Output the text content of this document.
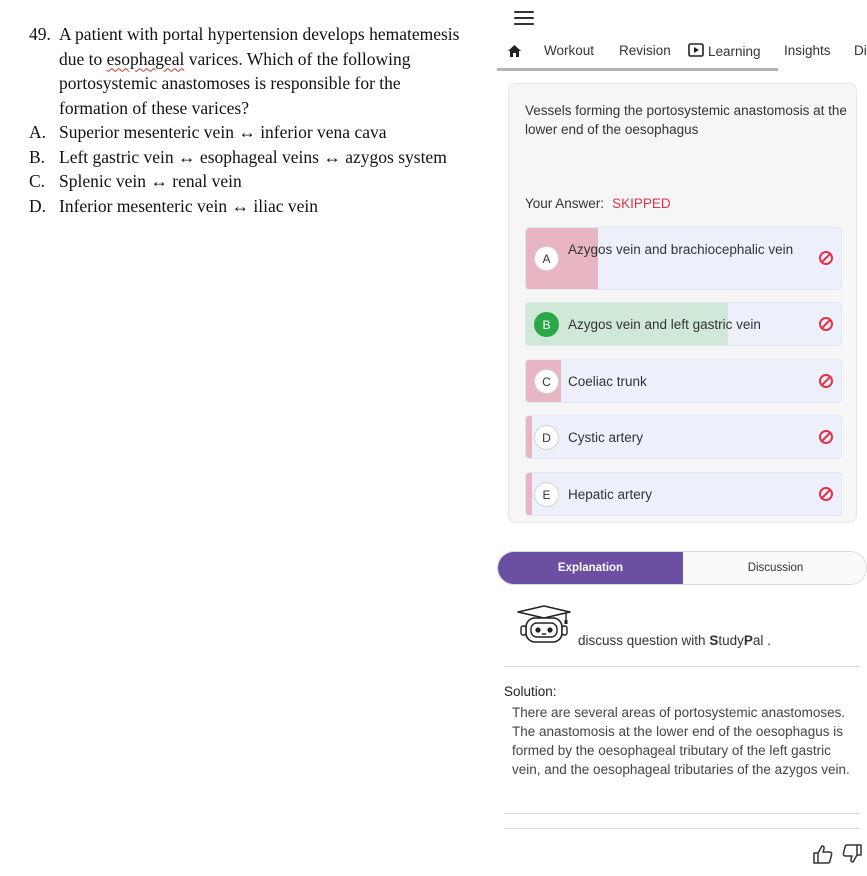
49. A patient with portal hypertension develops hematemesis due to esophageal varices. Which of the following portosystemic anastomoses is responsible for the formation of these varices?
A. Superior mesenteric vein ↔ inferior vena cava
B. Left gastric vein ↔ esophageal veins ↔ azygos system
C. Splenic vein ↔ renal vein
D. Inferior mesenteric vein ↔ iliac vein
Workout Revision	Learning Insights Di
Vessels forming the portosystemic anastomosis at the lower end of the oesophagus
Your Answer: SKIPPED
A
Azygos vein and brachiocephalic vein
B	Azygos vein and left gastric vein
C	Coeliac trunk
D	Cystic artery
E	Hepatic artery
Explanation	Discussion
discuss question with StudyPal .
Solution:
There are several areas of portosystemic anastomoses. The anastomosis at the lower end of the oesophagus is formed by the oesophageal tributary of the left gastric vein, and the oesophageal tributaries of the azygos vein.
